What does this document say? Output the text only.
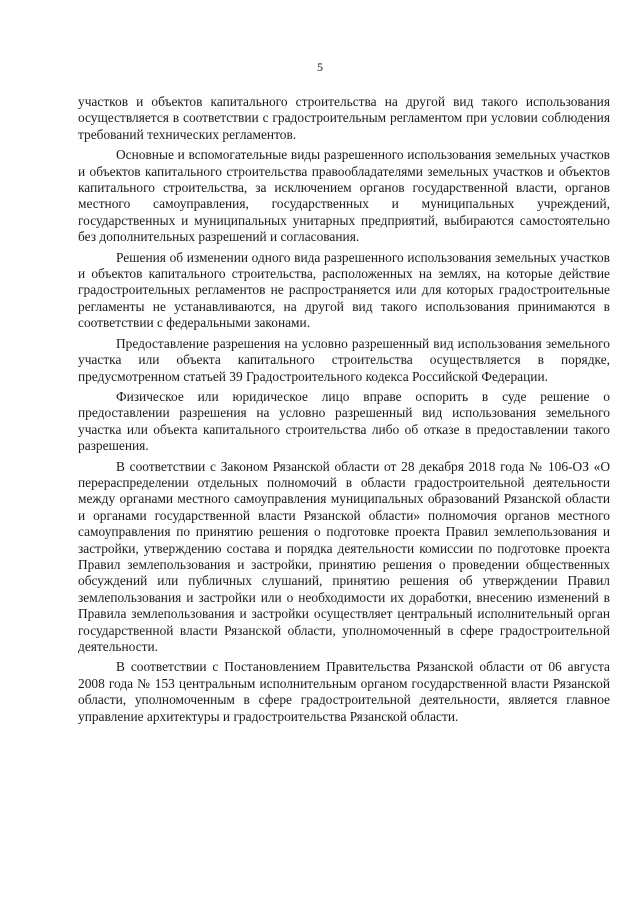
5

участков и объектов капитального строительства на другой вид такого использования осуществляется в соответствии с градостроительным регламентом при условии соблюдения требований технических регламентов.

Основные и вспомогательные виды разрешенного использования земельных участков и объектов капитального строительства правообладателями земельных участков и объектов капитального строительства, за исключением органов государственной власти, органов местного самоуправления, государственных и муниципальных учреждений, государственных и муниципальных унитарных предприятий, выбираются самостоятельно без дополнительных разрешений и согласования.

Решения об изменении одного вида разрешенного использования земельных участков и объектов капитального строительства, расположенных на землях, на которые действие градостроительных регламентов не распространяется или для которых градостроительные регламенты не устанавливаются, на другой вид такого использования принимаются в соответствии с федеральными законами.

Предоставление разрешения на условно разрешенный вид использования земельного участка или объекта капитального строительства осуществляется в порядке, предусмотренном статьей 39 Градостроительного кодекса Российской Федерации.

Физическое или юридическое лицо вправе оспорить в суде решение о предоставлении разрешения на условно разрешенный вид использования земельного участка или объекта капитального строительства либо об отказе в предоставлении такого разрешения.

В соответствии с Законом Рязанской области от 28 декабря 2018 года № 106-ОЗ «О перераспределении отдельных полномочий в области градостроительной деятельности между органами местного самоуправления муниципальных образований Рязанской области и органами государственной власти Рязанской области» полномочия органов местного самоуправления по принятию решения о подготовке проекта Правил землепользования и застройки, утверждению состава и порядка деятельности комиссии по подготовке проекта Правил землепользования и застройки, принятию решения о проведении общественных обсуждений или публичных слушаний, принятию решения об утверждении Правил землепользования и застройки или о необходимости их доработки, внесению изменений в Правила землепользования и застройки осуществляет центральный исполнительный орган государственной власти Рязанской области, уполномоченный в сфере градостроительной деятельности.

В соответствии с Постановлением Правительства Рязанской области от 06 августа 2008 года № 153 центральным исполнительным органом государственной власти Рязанской области, уполномоченным в сфере градостроительной деятельности, является главное управление архитектуры и градостроительства Рязанской области.
